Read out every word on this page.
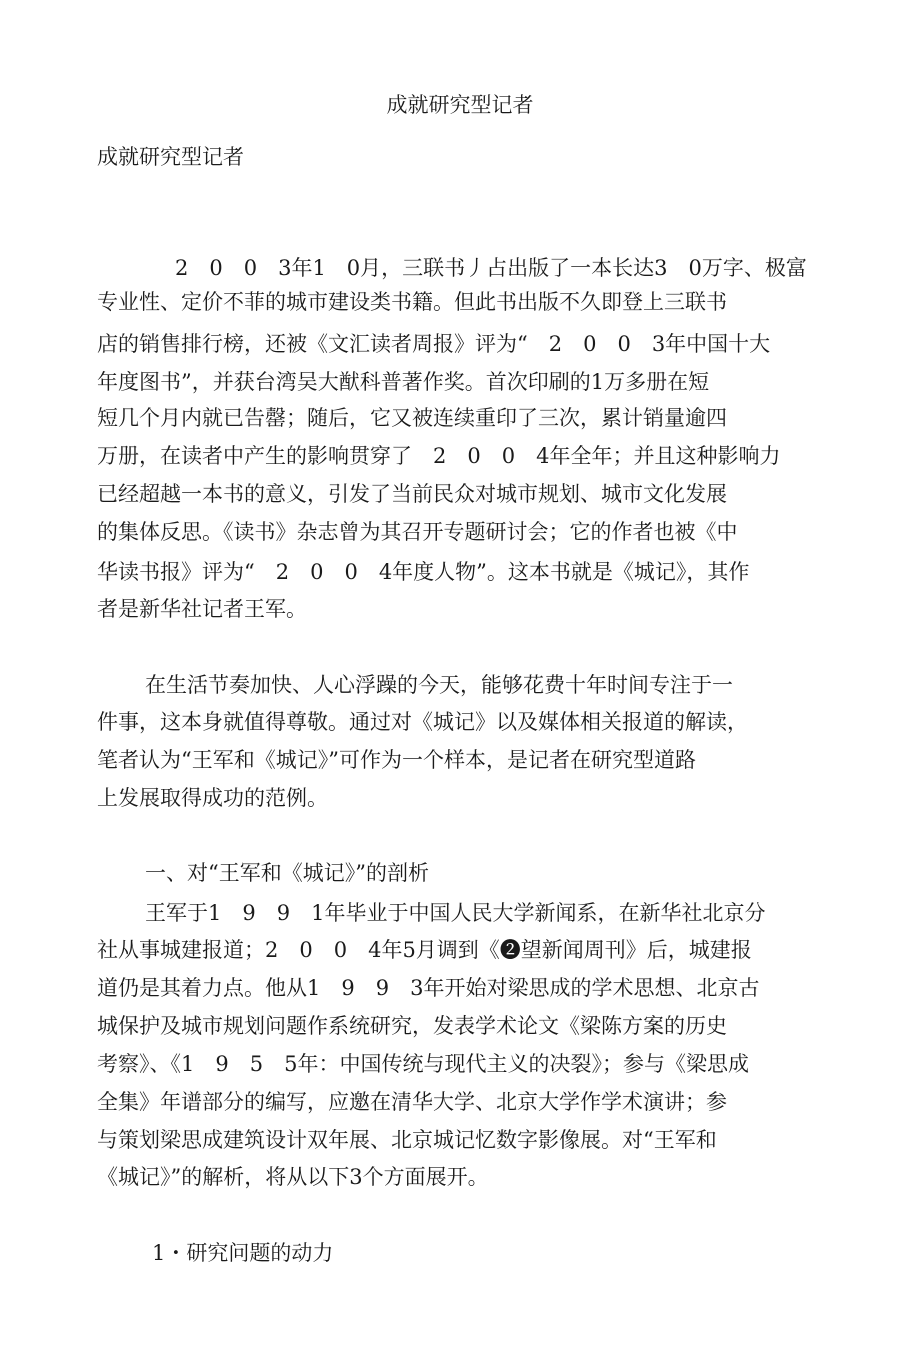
成就研究型记者
成就研究型记者
2　0　0　3年1　0月，三联书丿占出版了一本长达3　0万字、极富
专业性、定价不菲的城市建设类书籍。但此书出版不久即登上三联书
店的销售排行榜，还被《文汇读者周报》评为“　2　0　0　3年中国十大
年度图书”，并获台湾吴大猷科普著作奖。首次印刷的1万多册在短
短几个月内就已告罄；随后，它又被连续重印了三次，累计销量逾四
万册，在读者中产生的影响贯穿了　2　0　0　4年全年；并且这种影响力
已经超越一本书的意义，引发了当前民众对城市规划、城市文化发展
的集体反思。《读书》杂志曾为其召开专题研讨会；它的作者也被《中
华读书报》评为“　2　0　0　4年度人物”。这本书就是《城记》，其作
者是新华社记者王军。
在生活节奏加快、人心浮躁的今天，能够花费十年时间专注于一
件事，这本身就值得尊敬。通过对《城记》以及媒体相关报道的解读，
笔者认为“王军和《城记》”可作为一个样本，是记者在研究型道路
上发展取得成功的范例。
一、对“王军和《城记》”的剖析
王军于1　9　9　1年毕业于中国人民大学新闻系，在新华社北京分
社从事城建报道；2　0　0　4年5月调到《❷望新闻周刊》后，城建报
道仍是其着力点。他从1　9　9　3年开始对梁思成的学术思想、北京古
城保护及城市规划问题作系统研究，发表学术论文《梁陈方案的历史
考察》、《1　9　5　5年：中国传统与现代主义的决裂》；参与《梁思成
全集》年谱部分的编写，应邀在清华大学、北京大学作学术演讲；参
与策划梁思成建筑设计双年展、北京城记忆数字影像展。对“王军和
《城记》”的解析，将从以下3个方面展开。
1・研究问题的动力
